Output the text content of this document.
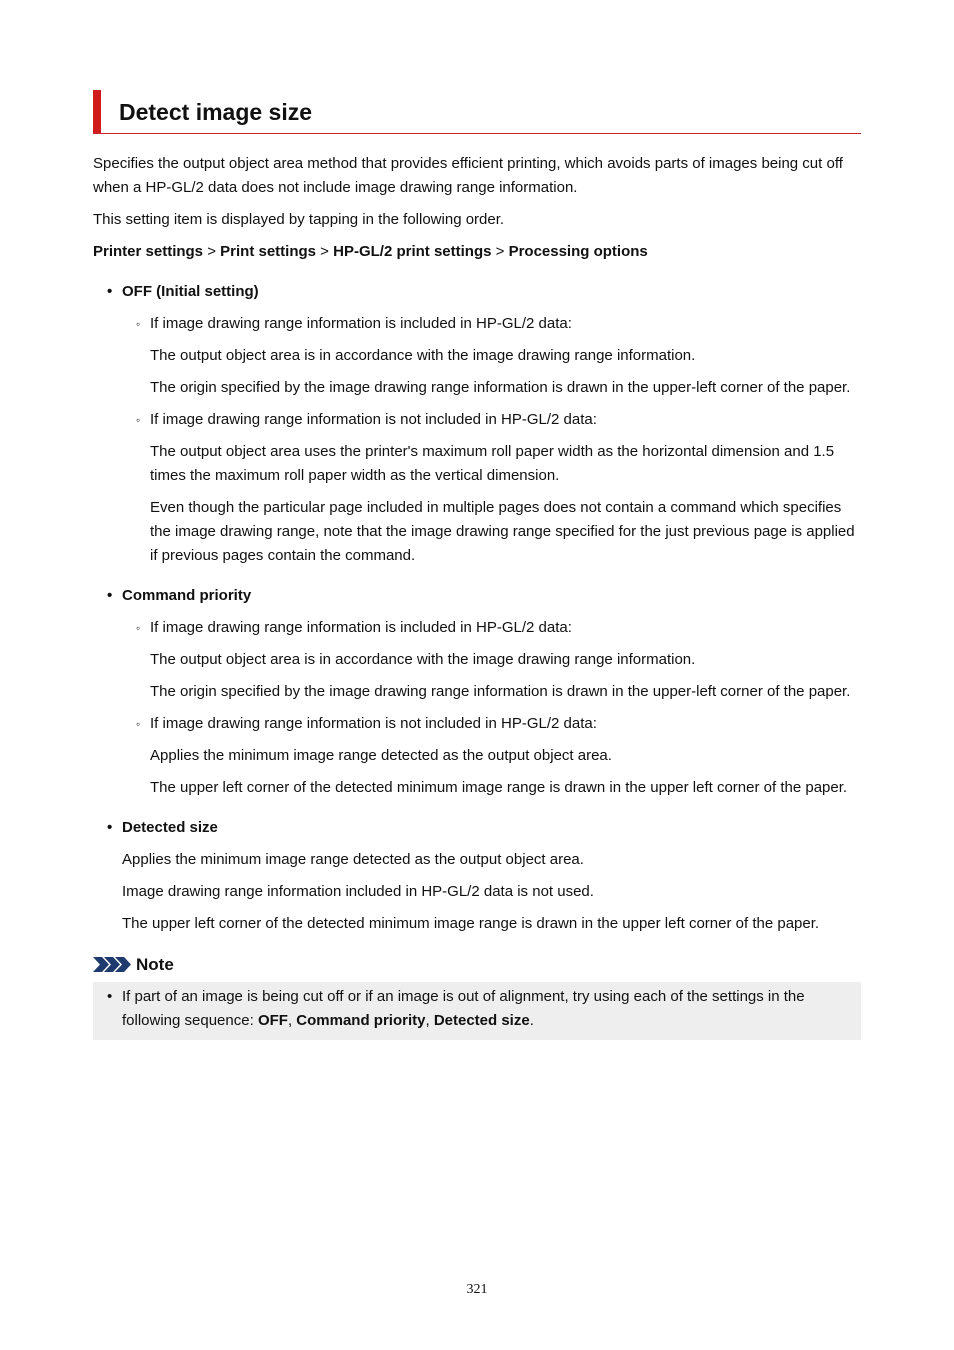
Detect image size

Specifies the output object area method that provides efficient printing, which avoids parts of images being cut off when a HP-GL/2 data does not include image drawing range information.

This setting item is displayed by tapping in the following order.

Printer settings > Print settings > HP-GL/2 print settings > Processing options

• OFF (Initial setting)
◦ If image drawing range information is included in HP-GL/2 data:

The output object area is in accordance with the image drawing range information.

The origin specified by the image drawing range information is drawn in the upper-left corner of the paper.

◦ If image drawing range information is not included in HP-GL/2 data:

The output object area uses the printer's maximum roll paper width as the horizontal dimension and 1.5 times the maximum roll paper width as the vertical dimension.

Even though the particular page included in multiple pages does not contain a command which specifies the image drawing range, note that the image drawing range specified for the just previous page is applied if previous pages contain the command.

• Command priority
◦ If image drawing range information is included in HP-GL/2 data:

The output object area is in accordance with the image drawing range information.

The origin specified by the image drawing range information is drawn in the upper-left corner of the paper.

◦ If image drawing range information is not included in HP-GL/2 data:

Applies the minimum image range detected as the output object area.

The upper left corner of the detected minimum image range is drawn in the upper left corner of the paper.

• Detected size

Applies the minimum image range detected as the output object area.

Image drawing range information included in HP-GL/2 data is not used.

The upper left corner of the detected minimum image range is drawn in the upper left corner of the paper.

Note
• If part of an image is being cut off or if an image is out of alignment, try using each of the settings in the following sequence: OFF, Command priority, Detected size.

321
